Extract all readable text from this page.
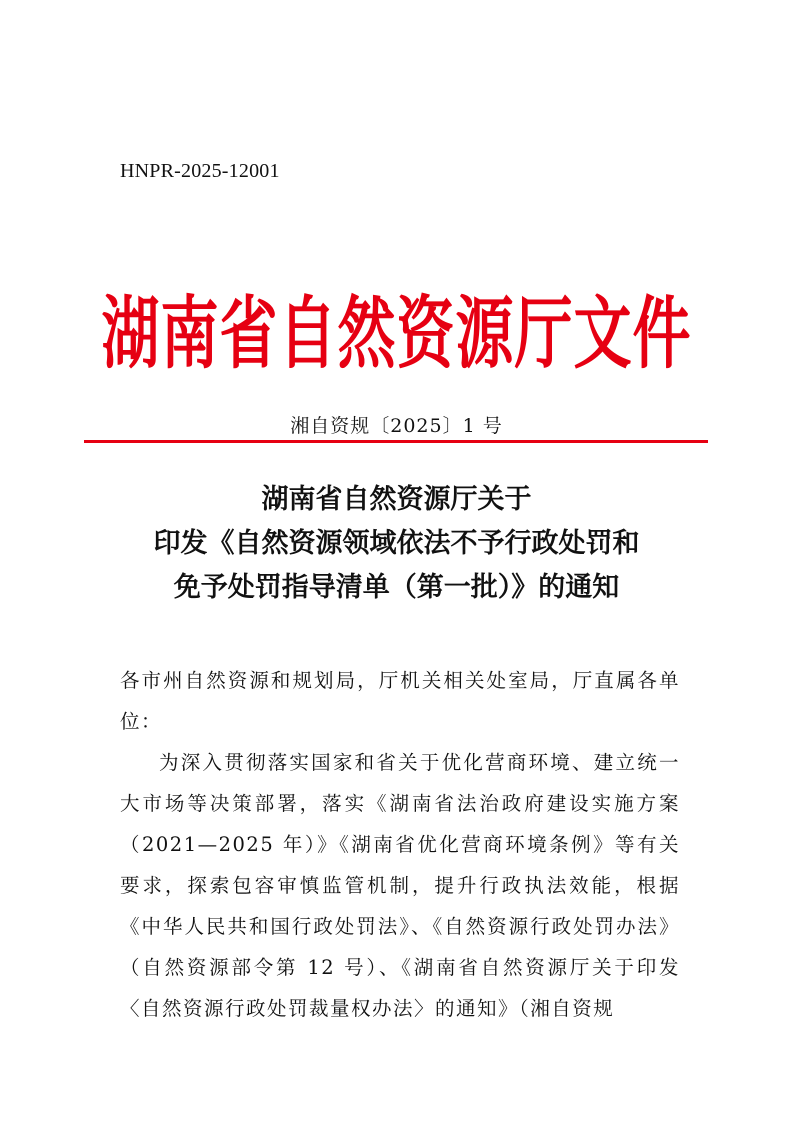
HNPR-2025-12001
湖南省自然资源厅文件
湘自资规〔2025〕1 号
湖南省自然资源厅关于
印发《自然资源领域依法不予行政处罚和
免予处罚指导清单（第一批）》的通知

各市州自然资源和规划局，厅机关相关处室局，厅直属各单位：

为深入贯彻落实国家和省关于优化营商环境、建立统一大市场等决策部署，落实《湖南省法治政府建设实施方案（2021—2025 年）》《湖南省优化营商环境条例》等有关要求，探索包容审慎监管机制，提升行政执法效能，根据《中华人民共和国行政处罚法》、《自然资源行政处罚办法》（自然资源部令第 12 号）、《湖南省自然资源厅关于印发〈自然资源行政处罚裁量权办法〉的通知》（湘自资规
